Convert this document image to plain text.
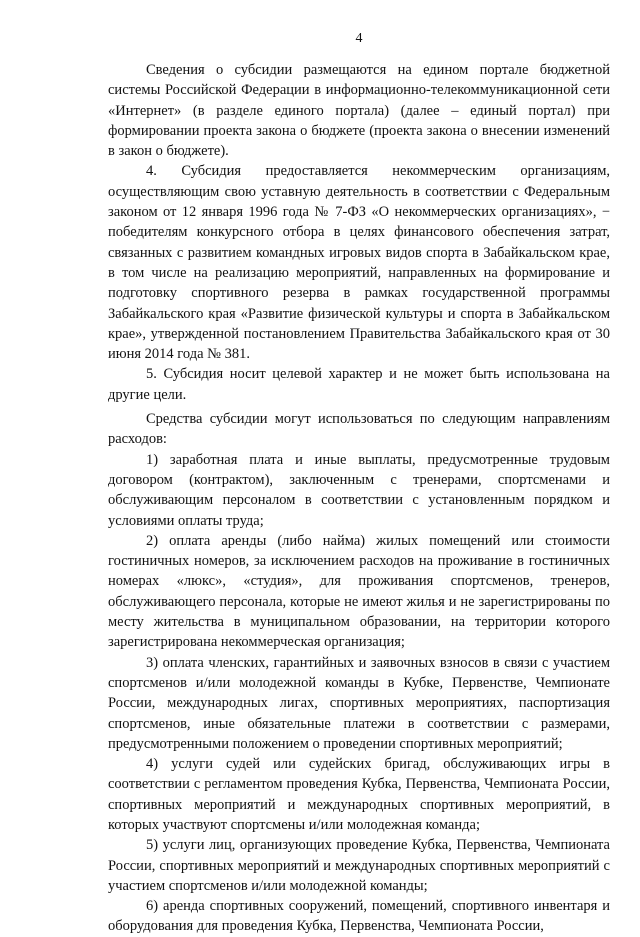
4

Сведения о субсидии размещаются на едином портале бюджетной системы Российской Федерации в информационно-телекоммуникационной сети «Интернет» (в разделе единого портала) (далее – единый портал) при формировании проекта закона о бюджете (проекта закона о внесении изменений в закон о бюджете).

4. Субсидия предоставляется некоммерческим организациям, осуществляющим свою уставную деятельность в соответствии с Федеральным законом от 12 января 1996 года № 7-ФЗ «О некоммерческих организациях», − победителям конкурсного отбора в целях финансового обеспечения затрат, связанных с развитием командных игровых видов спорта в Забайкальском крае, в том числе на реализацию мероприятий, направленных на формирование и подготовку спортивного резерва в рамках государственной программы Забайкальского края «Развитие физической культуры и спорта в Забайкальском крае», утвержденной постановлением Правительства Забайкальского края от 30 июня 2014 года № 381.

5. Субсидия носит целевой характер и не может быть использована на другие цели.

Средства субсидии могут использоваться по следующим направлениям расходов:

1) заработная плата и иные выплаты, предусмотренные трудовым договором (контрактом), заключенным с тренерами, спортсменами и обслуживающим персоналом в соответствии с установленным порядком и условиями оплаты труда;

2) оплата аренды (либо найма) жилых помещений или стоимости гостиничных номеров, за исключением расходов на проживание в гостиничных номерах «люкс», «студия», для проживания спортсменов, тренеров, обслуживающего персонала, которые не имеют жилья и не зарегистрированы по месту жительства в муниципальном образовании, на территории которого зарегистрирована некоммерческая организация;

3) оплата членских, гарантийных и заявочных взносов в связи с участием спортсменов и/или молодежной команды в Кубке, Первенстве, Чемпионате России, международных лигах, спортивных мероприятиях, паспортизация спортсменов, иные обязательные платежи в соответствии с размерами, предусмотренными положением о проведении спортивных мероприятий;

4) услуги судей или судейских бригад, обслуживающих игры в соответствии с регламентом проведения Кубка, Первенства, Чемпионата России, спортивных мероприятий и международных спортивных мероприятий, в которых участвуют спортсмены и/или молодежная команда;

5) услуги лиц, организующих проведение Кубка, Первенства, Чемпионата России, спортивных мероприятий и международных спортивных мероприятий с участием спортсменов и/или молодежной команды;

6) аренда спортивных сооружений, помещений, спортивного инвентаря и оборудования для проведения Кубка, Первенства, Чемпионата России,
